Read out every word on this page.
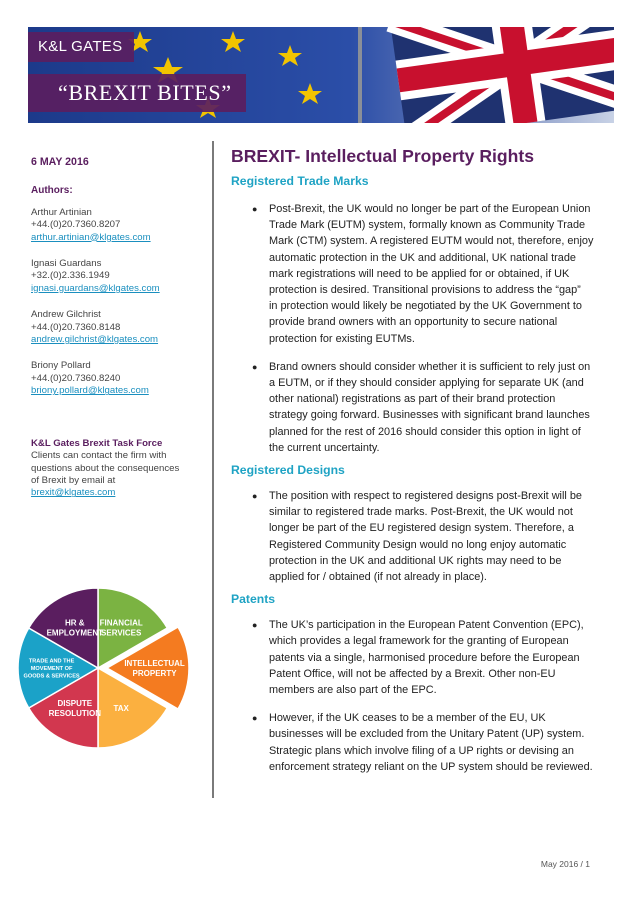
K&L GATES
“BREXIT BITES”
6 MAY 2016
Authors:
Arthur Artinian
+44.(0)20.7360.8207
arthur.artinian@klgates.com
Ignasi Guardans
+32.(0)2.336.1949
ignasi.guardans@klgates.com
Andrew Gilchrist
+44.(0)20.7360.8148
andrew.gilchrist@klgates.com
Briony Pollard
+44.(0)20.7360.8240
briony.pollard@klgates.com
K&L Gates Brexit Task Force
Clients can contact the firm with
questions about the consequences
of Brexit by email at
brexit@klgates.com
FINANCIAL
SERVICES
INTELLECTUAL
PROPERTY
TAX
DISPUTE
RESOLUTION
TRADE AND THE
MOVEMENT OF
GOODS & SERVICES
HR &
EMPLOYMENT
BREXIT- Intellectual Property Rights
Registered Trade Marks
● Post-Brexit, the UK would no longer be part of the European Union
Trade Mark (EUTM) system, formally known as Community Trade
Mark (CTM) system. A registered EUTM would not, therefore, enjoy
automatic protection in the UK and additional, UK national trade
mark registrations will need to be applied for or obtained, if UK
protection is desired. Transitional provisions to address the “gap”
in protection would likely be negotiated by the UK Government to
provide brand owners with an opportunity to secure national
protection for existing EUTMs.
● Brand owners should consider whether it is sufficient to rely just on
a EUTM, or if they should consider applying for separate UK (and
other national) registrations as part of their brand protection
strategy going forward. Businesses with significant brand launches
planned for the rest of 2016 should consider this option in light of
the current uncertainty.
Registered Designs
● The position with respect to registered designs post-Brexit will be
similar to registered trade marks. Post-Brexit, the UK would not
longer be part of the EU registered design system. Therefore, a
Registered Community Design would no long enjoy automatic
protection in the UK and additional UK rights may need to be
applied for / obtained (if not already in place).
Patents
● The UK’s participation in the European Patent Convention (EPC),
which provides a legal framework for the granting of European
patents via a single, harmonised procedure before the European
Patent Office, will not be affected by a Brexit. Other non-EU
members are also part of the EPC.
● However, if the UK ceases to be a member of the EU, UK
businesses will be excluded from the Unitary Patent (UP) system.
Strategic plans which involve filing of a UP rights or devising an
enforcement strategy reliant on the UP system should be reviewed.
May 2016 / 1
